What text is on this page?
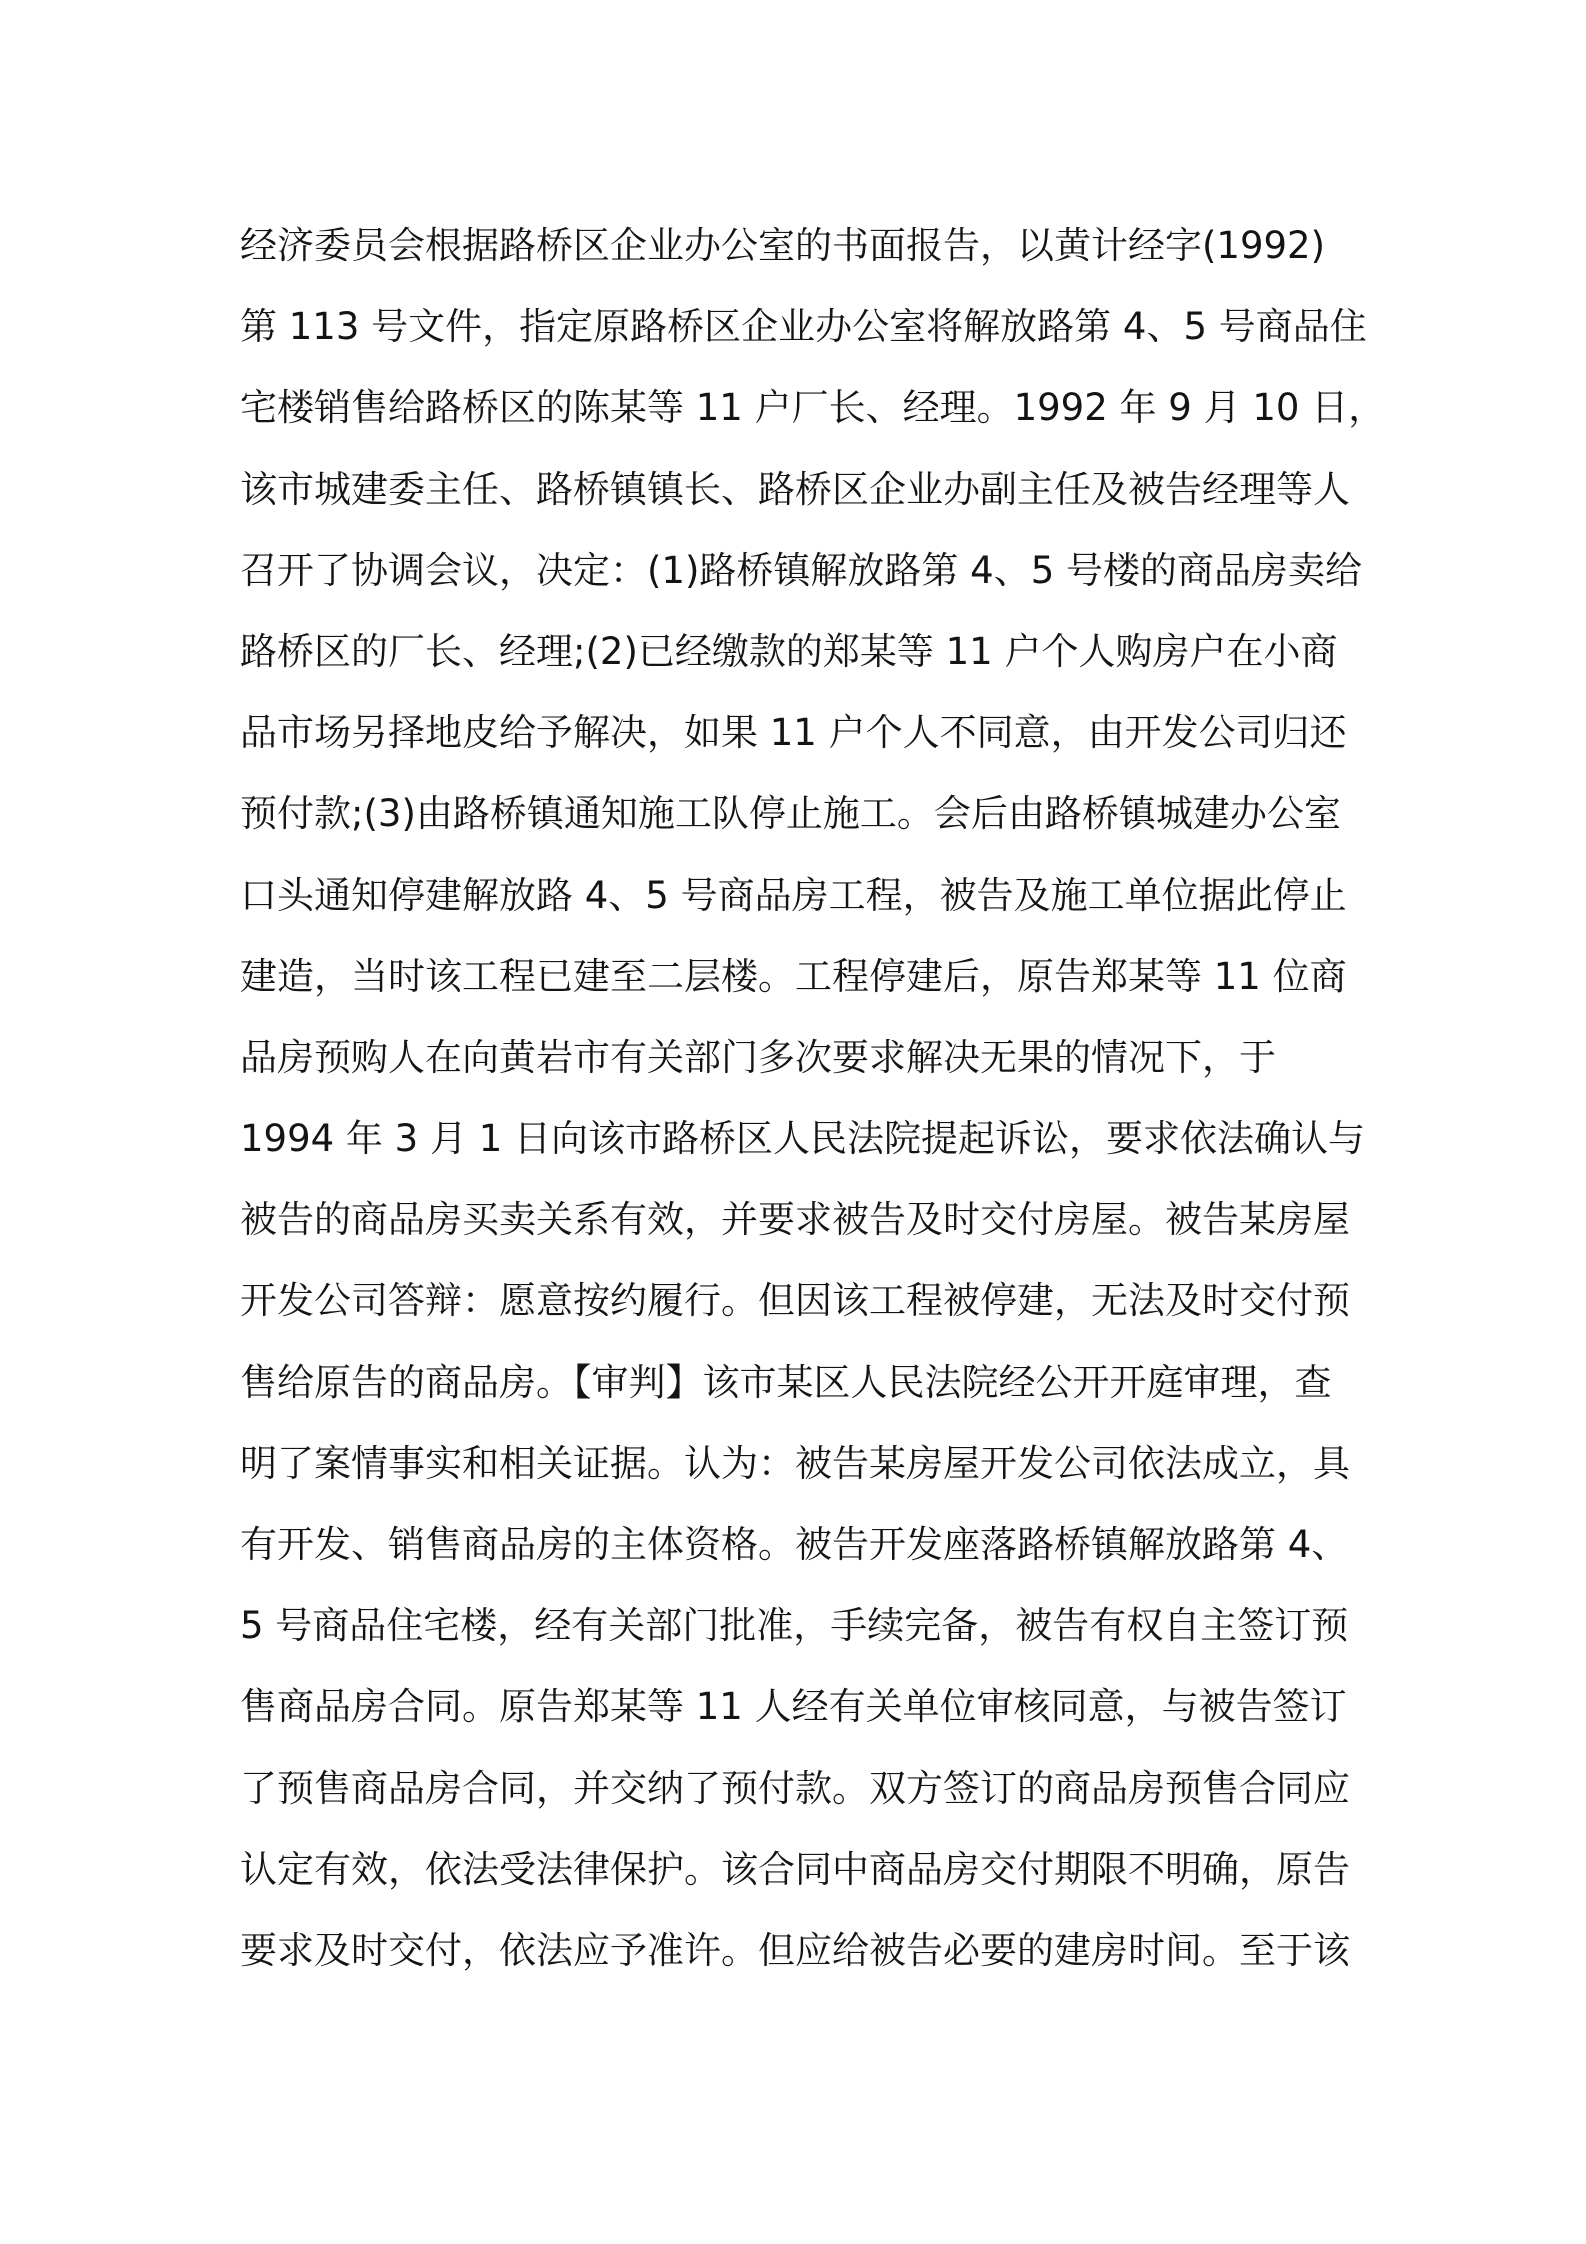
经济委员会根据路桥区企业办公室的书面报告，以黄计经字(1992)
第 113 号文件，指定原路桥区企业办公室将解放路第 4、5 号商品住
宅楼销售给路桥区的陈某等 11 户厂长、经理。1992 年 9 月 10 日，
该市城建委主任、路桥镇镇长、路桥区企业办副主任及被告经理等人
召开了协调会议，决定：(1)路桥镇解放路第 4、5 号楼的商品房卖给
路桥区的厂长、经理;(2)已经缴款的郑某等 11 户个人购房户在小商
品市场另择地皮给予解决，如果 11 户个人不同意，由开发公司归还
预付款;(3)由路桥镇通知施工队停止施工。会后由路桥镇城建办公室
口头通知停建解放路 4、5 号商品房工程，被告及施工单位据此停止
建造，当时该工程已建至二层楼。工程停建后，原告郑某等 11 位商
品房预购人在向黄岩市有关部门多次要求解决无果的情况下，于
1994 年 3 月 1 日向该市路桥区人民法院提起诉讼，要求依法确认与
被告的商品房买卖关系有效，并要求被告及时交付房屋。被告某房屋
开发公司答辩：愿意按约履行。但因该工程被停建，无法及时交付预
售给原告的商品房。【审判】该市某区人民法院经公开开庭审理，查
明了案情事实和相关证据。认为：被告某房屋开发公司依法成立，具
有开发、销售商品房的主体资格。被告开发座落路桥镇解放路第 4、
5 号商品住宅楼，经有关部门批准，手续完备，被告有权自主签订预
售商品房合同。原告郑某等 11 人经有关单位审核同意，与被告签订
了预售商品房合同，并交纳了预付款。双方签订的商品房预售合同应
认定有效，依法受法律保护。该合同中商品房交付期限不明确，原告
要求及时交付，依法应予准许。但应给被告必要的建房时间。至于该
